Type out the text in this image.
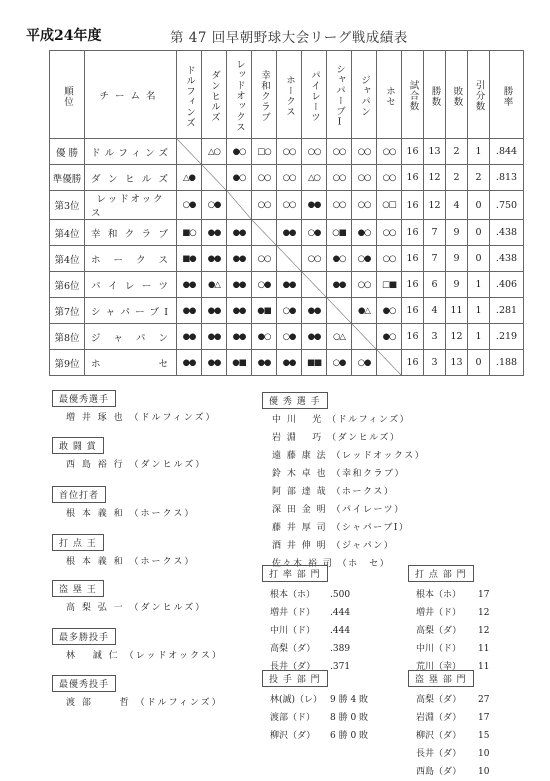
平成24年度	第 47 回早朝野球大会リーグ戦成績表
順位	チーム名	ドルフィンズ	ダンヒルズ	レッドオックス	幸和クラブ	ホークス	パイレーツ	シャパーブⅠ	ジャパン	ホセ	試合数	勝数	敗数	引分数	勝率
優 勝	ドルフィンズ		△○	●○	□○	○○	○○	○○	○○	○○	16	13	2	1	.844
準優勝	ダンヒルズ	△●		●○	○○	○○	△○	○○	○○	○○	16	12	2	2	.813
第3位	レッドオックス	○●	○●		○○	○○	●●	○○	○○	○□	16	12	4	0	.750
第4位	幸和クラブ	■○	●●	●●		●●	○●	○■	●○	○○	16	7	9	0	.438
第4位	ホークス	■●	●●	●●	○○		○○	●○	○●	○○	16	7	9	0	.438
第6位	パイレーツ	●●	●△	●●	○●	●●		●●	○○	□■	16	6	9	1	.406
第7位	シャパーブⅠ	●●	●●	●●	●■	○●	●●		●△	●○	16	4	11	1	.281
第8位	ジャパン	●●	●●	●●	●○	○●	●●	○△		●○	16	3	12	1	.219
第9位	ホセ	●●	●●	●■	●●	●●	■■	○●	○●		16	3	13	0	.188
最優秀選手
増 井 琢 也 （ドルフィンズ）
敢 闘 賞
西 島 裕 行 （ダンヒルズ）
首位打者
根 本 義 和 （ホークス）
打 点 王
根 本 義 和 （ホークス）
盗 塁 王
高 梨 弘 一 （ダンヒルズ）
最多勝投手
林　 誠 仁 （レッドオックス）
最優秀投手
渡 部　　 哲 （ドルフィンズ）
優 秀 選 手
中 川　 光 （ドルフィンズ）
岩 淵　 巧 （ダンヒルズ）
遠 藤 康 法 （レッドオックス）
鈴 木 卓 也 （幸和クラブ）
阿 部 達 哉 （ホークス）
深 田 金 明 （パイレーツ）
藤 井 厚 司 （シャパーブⅠ）
酒 井 伸 明 （ジャパン）
佐々木 裕 司 （ホ　セ）
打 率 部 門
根本（ホ）	.500
増井（ド）	.444
中川（ド）	.444
高梨（ダ）	.389
長井（ダ）	.371
打 点 部 門
根本（ホ）	17
増井（ド）	12
高梨（ダ）	12
中川（ド）	11
荒川（幸）	11
投 手 部 門
林(誠)（レ） 9 勝 4 敗
渡部（ド）	8 勝 0 敗
柳沢（ダ）	6 勝 0 敗
盗 塁 部 門
高梨（ダ）	27
岩淵（ダ）	17
柳沢（ダ）	15
長井（ダ）	10
西島（ダ）	10
